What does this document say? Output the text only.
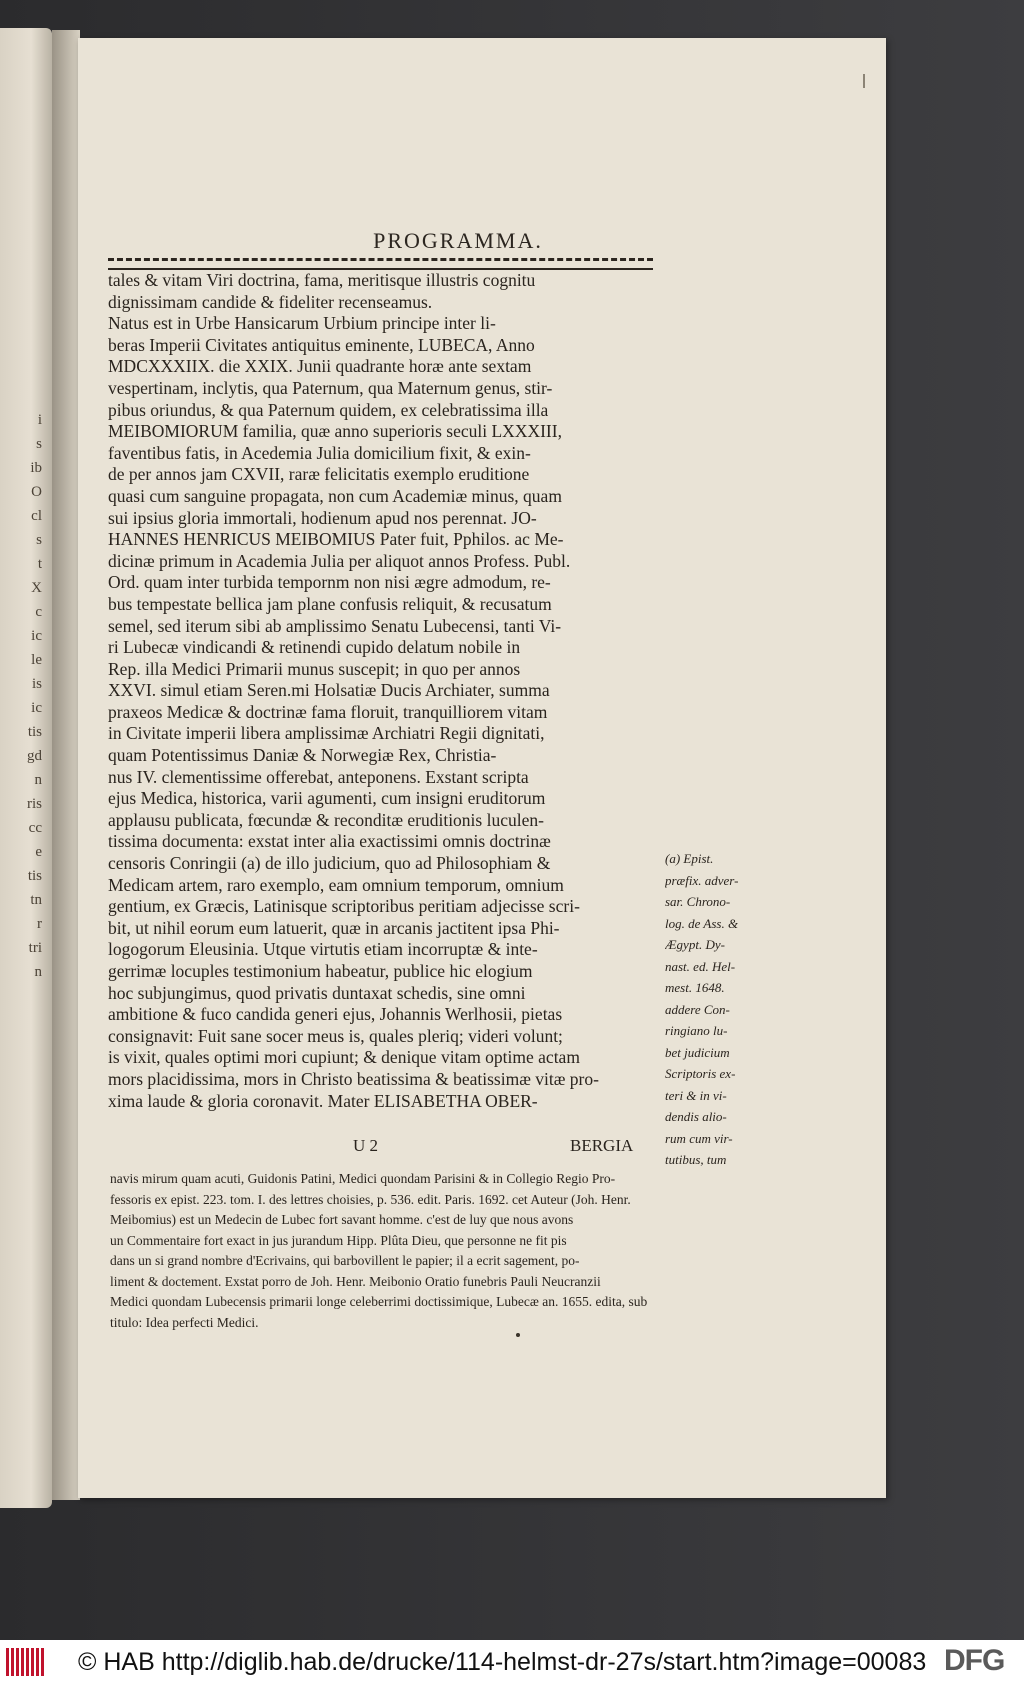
i
s
ib
O
cl
s
t
X
c
ic
le
is
ic
tis
gd
n
ris
cc
e
tis
tn
r
tri
n
PROGRAMMA.
tales & vitam Viri doctrina, fama, meritisque illustris cognitu
dignissimam candide & fideliter recenseamus.
Natus est in Urbe Hansicarum Urbium principe inter li-
beras Imperii Civitates antiquitus eminente, LUBECA, Anno
MDCXXXIIX. die XXIX. Junii quadrante horæ ante sextam
vespertinam, inclytis, qua Paternum, qua Maternum genus, stir-
pibus oriundus, & qua Paternum quidem, ex celebratissima illa
MEIBOMIORUM familia, quæ anno superioris seculi LXXXIII,
faventibus fatis, in Acedemia Julia domicilium fixit, & exin-
de per annos jam CXVII, raræ felicitatis exemplo eruditione
quasi cum sanguine propagata, non cum Academiæ minus, quam
sui ipsius gloria immortali, hodienum apud nos perennat. JO-
HANNES HENRICUS MEIBOMIUS Pater fuit, Pphilos. ac Me-
dicinæ primum in Academia Julia per aliquot annos Profess. Publ.
Ord. quam inter turbida tempornm non nisi ægre admodum, re-
bus tempestate bellica jam plane confusis reliquit, & recusatum
semel, sed iterum sibi ab amplissimo Senatu Lubecensi, tanti Vi-
ri Lubecæ vindicandi & retinendi cupido delatum nobile in
Rep. illa Medici Primarii munus suscepit; in quo per annos
XXVI. simul etiam Seren.mi Holsatiæ Ducis Archiater, summa
praxeos Medicæ & doctrinæ fama floruit, tranquilliorem vitam
in Civitate imperii libera amplissimæ Archiatri Regii dignitati,
quam Potentissimus Daniæ & Norwegiæ Rex, Christia-
nus IV. clementissime offerebat, anteponens. Exstant scripta
ejus Medica, historica, varii agumenti, cum insigni eruditorum
applausu publicata, fœcundæ & reconditæ eruditionis luculen-
tissima documenta: exstat inter alia exactissimi omnis doctrinæ
censoris Conringii (a) de illo judicium, quo ad Philosophiam &
Medicam artem, raro exemplo, eam omnium temporum, omnium
gentium, ex Græcis, Latinisque scriptoribus peritiam adjecisse scri-
bit, ut nihil eorum eum latuerit, quæ in arcanis jactitent ipsa Phi-
logogorum Eleusinia. Utque virtutis etiam incorruptæ & inte-
gerrimæ locuples testimonium habeatur, publice hic elogium
hoc subjungimus, quod privatis duntaxat schedis, sine omni
ambitione & fuco candida generi ejus, Johannis Werlhosii, pietas
consignavit: Fuit sane socer meus is, quales pleriq; videri volunt;
is vixit, quales optimi mori cupiunt; & denique vitam optime actam
mors placidissima, mors in Christo beatissima & beatissimæ vitæ pro-
xima laude & gloria coronavit. Mater ELISABETHA OBER-
(a) Epist.
præfix. adver-
sar. Chrono-
log. de Ass. &
Ægypt. Dy-
nast. ed. Hel-
mest. 1648.
addere Con-
ringiano lu-
bet judicium
Scriptoris ex-
teri & in vi-
dendis alio-
rum cum vir-
tutibus, tum
U 2	BERGIA
navis mirum quam acuti, Guidonis Patini, Medici quondam Parisini & in Collegio Regio Pro-
fessoris ex epist. 223. tom. I. des lettres choisies, p. 536. edit. Paris. 1692. cet Auteur (Joh. Henr.
Meibomius) est un Medecin de Lubec fort savant homme. c'est de luy que nous avons
un Commentaire fort exact in jus jurandum Hipp. Plûta Dieu, que personne ne fit pis
dans un si grand nombre d'Ecrivains, qui barbovillent le papier; il a ecrit sagement, po-
liment & doctement. Exstat porro de Joh. Henr. Meibonio Oratio funebris Pauli Neucranzii
Medici quondam Lubecensis primarii longe celeberrimi doctissimique, Lubecæ an. 1655. edita, sub
titulo: Idea perfecti Medici.
© HAB http://diglib.hab.de/drucke/114-helmst-dr-27s/start.htm?image=00083 DFG
